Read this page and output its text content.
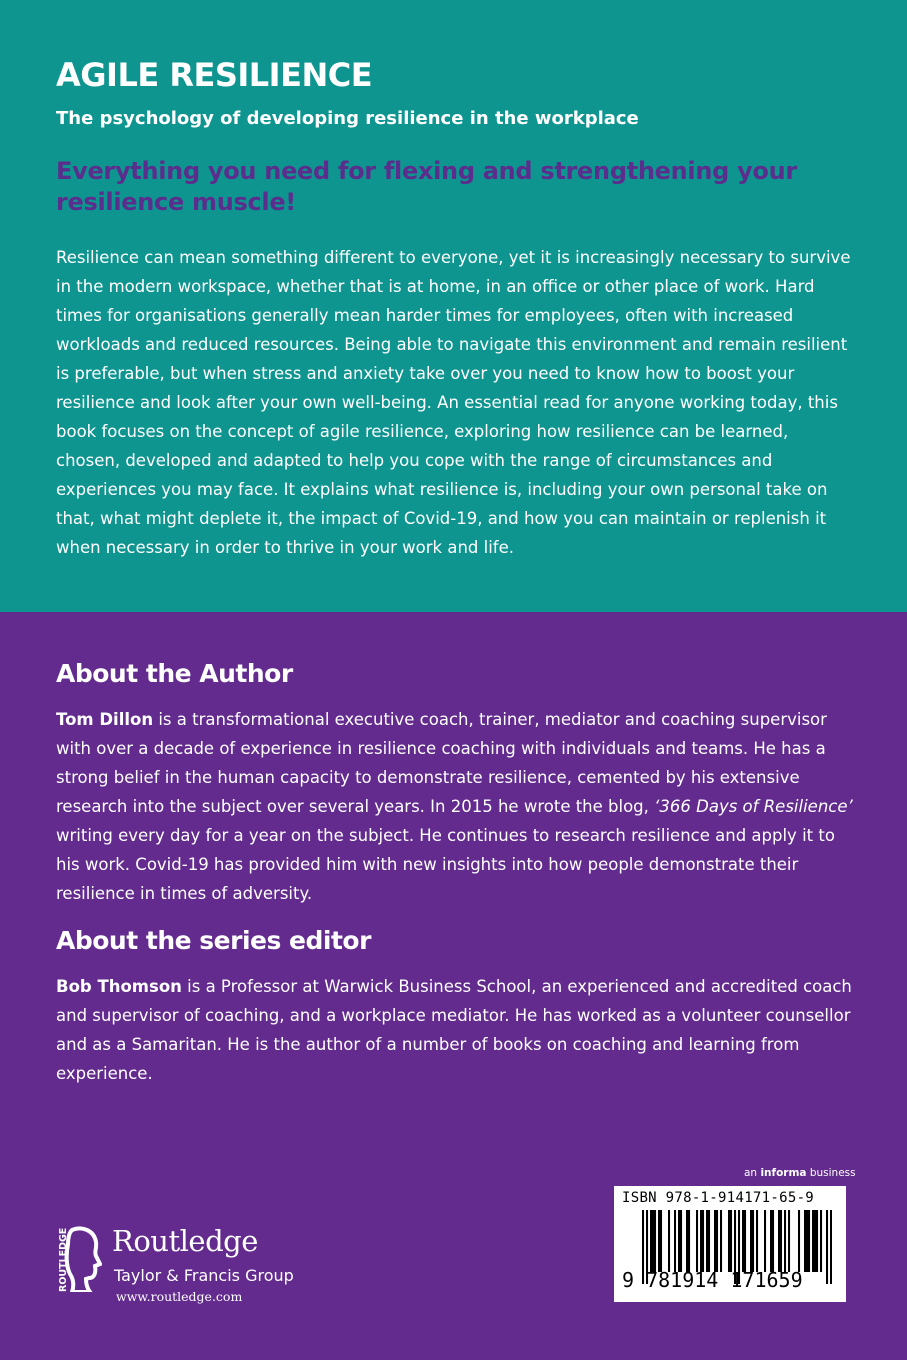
AGILE RESILIENCE

The psychology of developing resilience in the workplace

Everything you need for flexing and strengthening your resilience muscle!

Resilience can mean something different to everyone, yet it is increasingly necessary to survive in the modern workspace, whether that is at home, in an office or other place of work. Hard times for organisations generally mean harder times for employees, often with increased workloads and reduced resources. Being able to navigate this environment and remain resilient is preferable, but when stress and anxiety take over you need to know how to boost your resilience and look after your own well-being. An essential read for anyone working today, this book focuses on the concept of agile resilience, exploring how resilience can be learned, chosen, developed and adapted to help you cope with the range of circumstances and experiences you may face. It explains what resilience is, including your own personal take on that, what might deplete it, the impact of Covid-19, and how you can maintain or replenish it when necessary in order to thrive in your work and life.

About the Author

Tom Dillon is a transformational executive coach, trainer, mediator and coaching supervisor with over a decade of experience in resilience coaching with individuals and teams. He has a strong belief in the human capacity to demonstrate resilience, cemented by his extensive research into the subject over several years. In 2015 he wrote the blog, ‘366 Days of Resilience’ writing every day for a year on the subject. He continues to research resilience and apply it to his work. Covid-19 has provided him with new insights into how people demonstrate their resilience in times of adversity.

About the series editor

Bob Thomson is a Professor at Warwick Business School, an experienced and accredited coach and supervisor of coaching, and a workplace mediator. He has worked as a volunteer counsellor and as a Samaritan. He is the author of a number of books on coaching and learning from experience.

ROUTLEDGE Routledge
Taylor & Francis Group
www.routledge.com
an informa business
ISBN 978-1-914171-65-9
9 781914 171659
